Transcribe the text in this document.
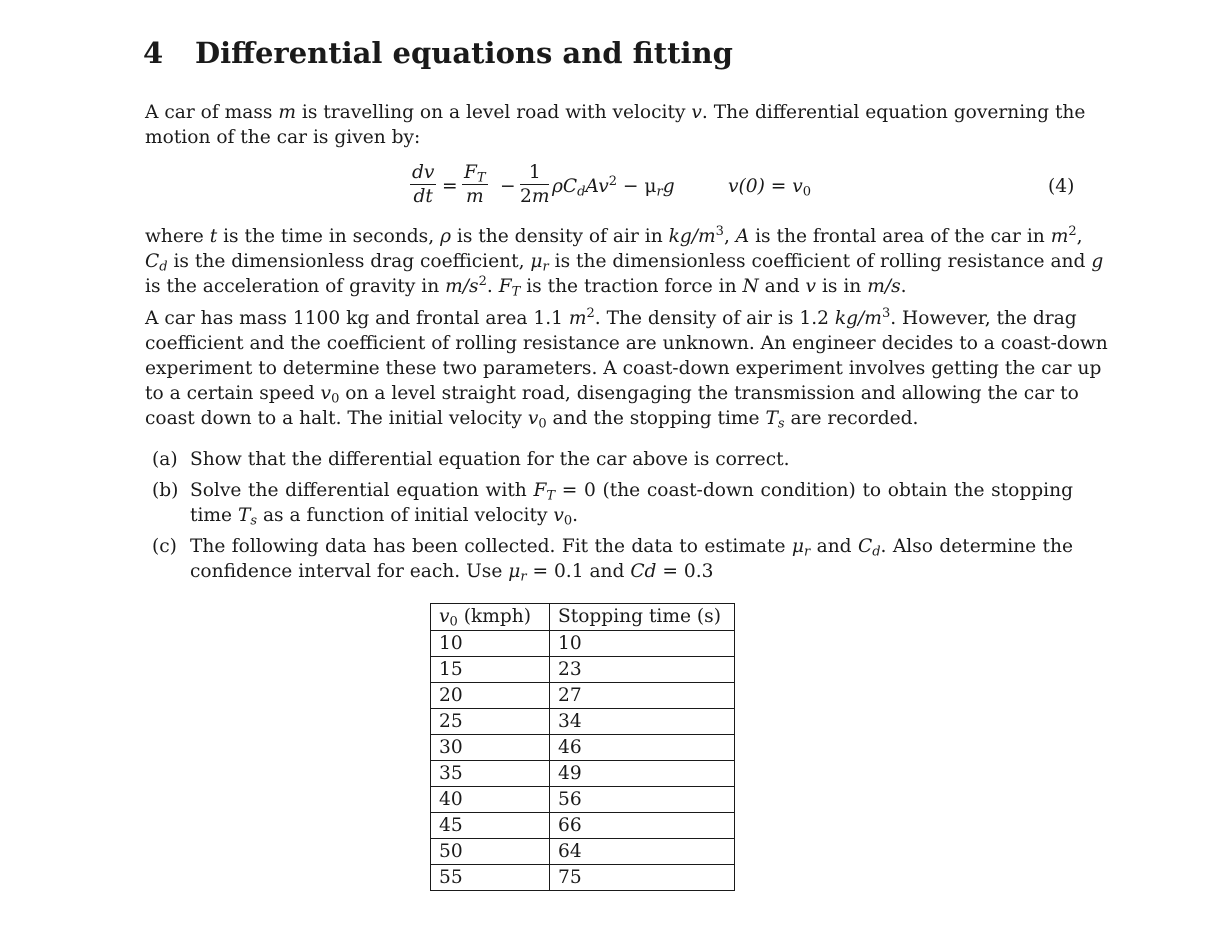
4 Differential equations and fitting
A car of mass m is travelling on a level road with velocity v. The differential equation governing the
motion of the car is given by:
$\frac{dv}{dt} = \frac{F_T}{m} - \frac{1}{2m} \rho C_dAv^2 - \mu_rg$	$v(0) = v_0$	(4)
where t is the time in seconds, ρ is the density of air in $kg/m^3$, A is the frontal area of the car in $m^2$,
$C_d$ is the dimensionless drag coefficient, $\mu_r$ is the dimensionless coefficient of rolling resistance and g
is the acceleration of gravity in $m/s^2$. $F_T$ is the traction force in N and v is in m/s.
A car has mass 1100 kg and frontal area 1.1 $m^2$. The density of air is 1.2 $kg/m^3$. However, the drag
coefficient and the coefficient of rolling resistance are unknown. An engineer decides to a coast-down
experiment to determine these two parameters. A coast-down experiment involves getting the car up
to a certain speed $v_0$ on a level straight road, disengaging the transmission and allowing the car to
coast down to a halt. The initial velocity $v_0$ and the stopping time $T_s$ are recorded.
(a) Show that the differential equation for the car above is correct.
(b) Solve the differential equation with $F_T = 0$ (the coast-down condition) to obtain the stopping
time $T_s$ as a function of initial velocity $v_0$.
(c) The following data has been collected. Fit the data to estimate $\mu_r$ and $C_d$. Also determine the
confidence interval for each. Use $\mu_r = 0.1$ and Cd = 0.3
$v_0$ (kmph)	Stopping time (s)
10	10
15	23
20	27
25	34
30	46
35	49
40	56
45	66
50	64
55	75
